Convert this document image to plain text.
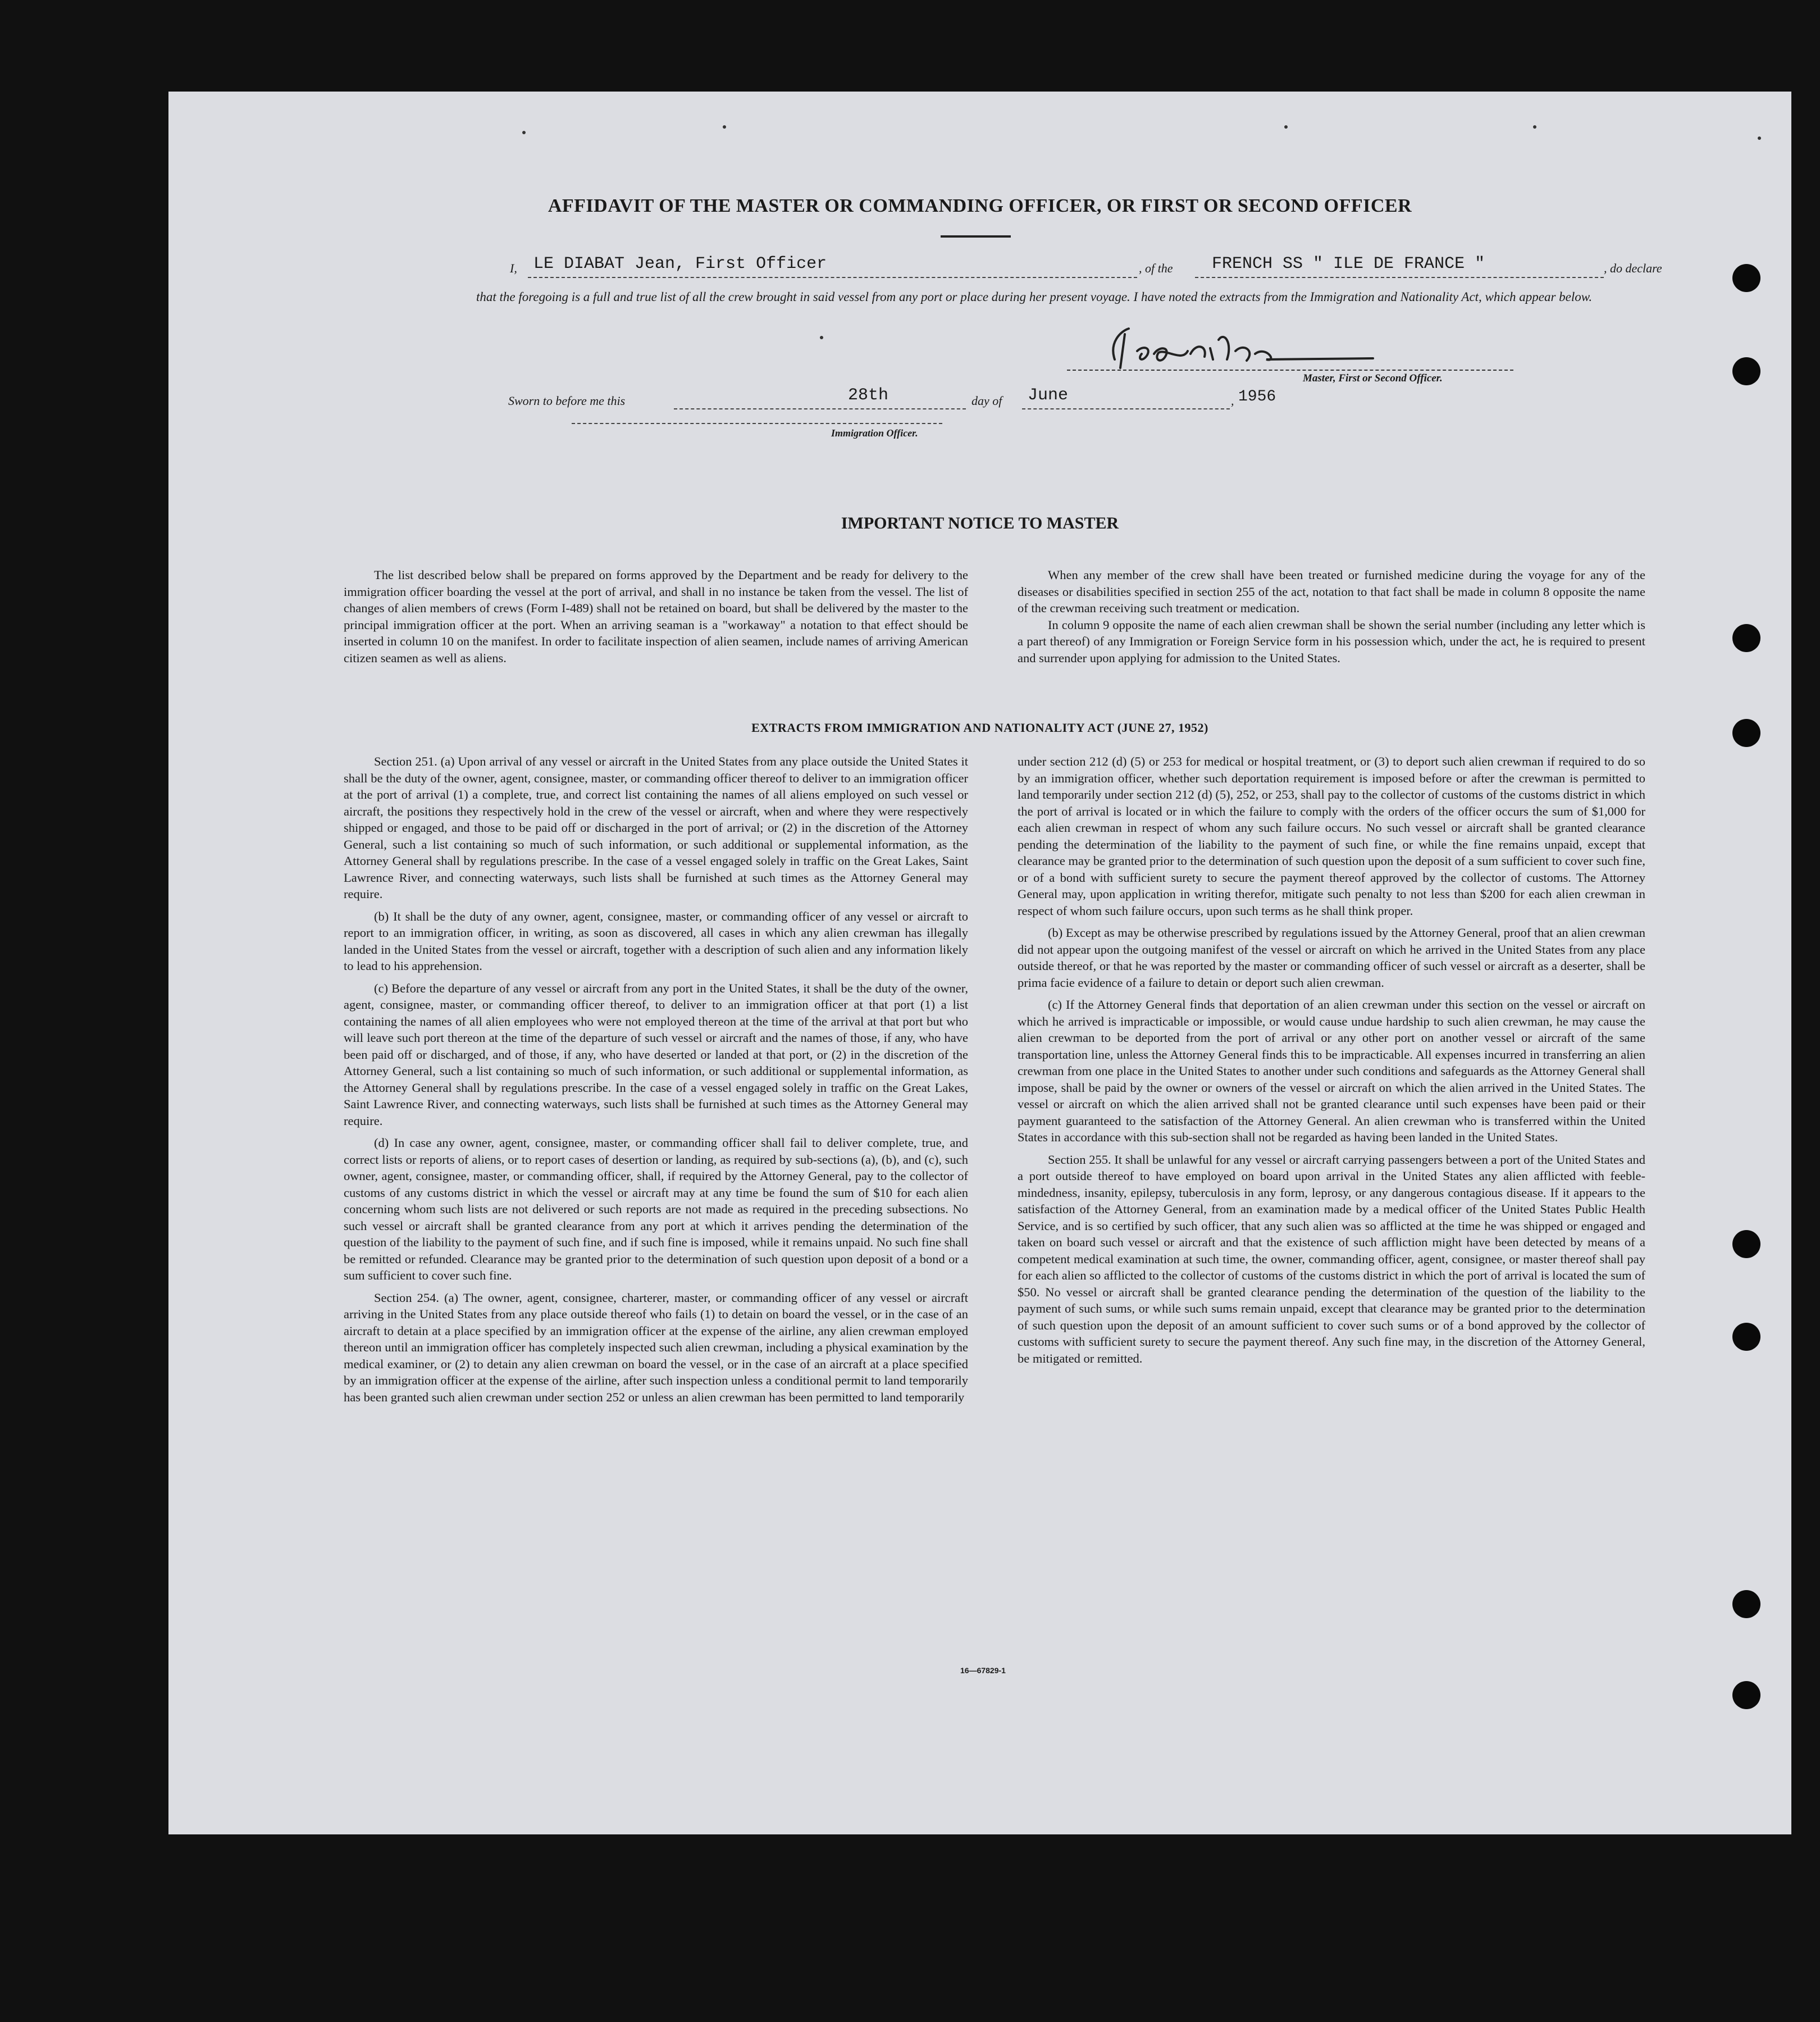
AFFIDAVIT OF THE MASTER OR COMMANDING OFFICER, OR FIRST OR SECOND OFFICER
I, LE DIABAT Jean, First Officer	, of the FRENCH SS " ILE DE FRANCE "	, do declare
that the foregoing is a full and true list of all the crew brought in said vessel from any port or place during her present voyage. I have noted the extracts from the Immigration and Nationality Act, which appear below.
Master, First or Second Officer.
Sworn to before me this	28th	day of June	, 1956
Immigration Officer.
IMPORTANT NOTICE TO MASTER

The list described below shall be prepared on forms approved by the Department and be ready for delivery to the immigration officer boarding the vessel at the port of arrival, and shall in no instance be taken from the vessel. The list of changes of alien members of crews (Form I-489) shall not be retained on board, but shall be delivered by the master to the principal immigration officer at the port. When an arriving seaman is a "workaway" a notation to that effect should be inserted in column 10 on the manifest. In order to facilitate inspection of alien seamen, include names of arriving American citizen seamen as well as aliens.

When any member of the crew shall have been treated or furnished medicine during the voyage for any of the diseases or disabilities specified in section 255 of the act, notation to that fact shall be made in column 8 opposite the name of the crewman receiving such treatment or medication.

In column 9 opposite the name of each alien crewman shall be shown the serial number (including any letter which is a part thereof) of any Immigration or Foreign Service form in his possession which, under the act, he is required to present and surrender upon applying for admission to the United States.

EXTRACTS FROM IMMIGRATION AND NATIONALITY ACT (JUNE 27, 1952)

Section 251. (a) Upon arrival of any vessel or aircraft in the United States from any place outside the United States it shall be the duty of the owner, agent, consignee, master, or commanding officer thereof to deliver to an immigration officer at the port of arrival (1) a complete, true, and correct list containing the names of all aliens employed on such vessel or aircraft, the positions they respectively hold in the crew of the vessel or aircraft, when and where they were respectively shipped or engaged, and those to be paid off or discharged in the port of arrival; or (2) in the discretion of the Attorney General, such a list containing so much of such information, or such additional or supplemental information, as the Attorney General shall by regulations prescribe. In the case of a vessel engaged solely in traffic on the Great Lakes, Saint Lawrence River, and connecting waterways, such lists shall be furnished at such times as the Attorney General may require.

(b) It shall be the duty of any owner, agent, consignee, master, or commanding officer of any vessel or aircraft to report to an immigration officer, in writing, as soon as discovered, all cases in which any alien crewman has illegally landed in the United States from the vessel or aircraft, together with a description of such alien and any information likely to lead to his apprehension.

(c) Before the departure of any vessel or aircraft from any port in the United States, it shall be the duty of the owner, agent, consignee, master, or commanding officer thereof, to deliver to an immigration officer at that port (1) a list containing the names of all alien employees who were not employed thereon at the time of the arrival at that port but who will leave such port thereon at the time of the departure of such vessel or aircraft and the names of those, if any, who have been paid off or discharged, and of those, if any, who have deserted or landed at that port, or (2) in the discretion of the Attorney General, such a list containing so much of such information, or such additional or supplemental information, as the Attorney General shall by regulations prescribe. In the case of a vessel engaged solely in traffic on the Great Lakes, Saint Lawrence River, and connecting waterways, such lists shall be furnished at such times as the Attorney General may require.

(d) In case any owner, agent, consignee, master, or commanding officer shall fail to deliver complete, true, and correct lists or reports of aliens, or to report cases of desertion or landing, as required by sub-sections (a), (b), and (c), such owner, agent, consignee, master, or commanding officer, shall, if required by the Attorney General, pay to the collector of customs of any customs district in which the vessel or aircraft may at any time be found the sum of $10 for each alien concerning whom such lists are not delivered or such reports are not made as required in the preceding subsections. No such vessel or aircraft shall be granted clearance from any port at which it arrives pending the determination of the question of the liability to the payment of such fine, and if such fine is imposed, while it remains unpaid. No such fine shall be remitted or refunded. Clearance may be granted prior to the determination of such question upon deposit of a bond or a sum sufficient to cover such fine.

Section 254. (a) The owner, agent, consignee, charterer, master, or commanding officer of any vessel or aircraft arriving in the United States from any place outside thereof who fails (1) to detain on board the vessel, or in the case of an aircraft to detain at a place specified by an immigration officer at the expense of the airline, any alien crewman employed thereon until an immigration officer has completely inspected such alien crewman, including a physical examination by the medical examiner, or (2) to detain any alien crewman on board the vessel, or in the case of an aircraft at a place specified by an immigration officer at the expense of the airline, after such inspection unless a conditional permit to land temporarily has been granted such alien crewman under section 252 or unless an alien crewman has been permitted to land temporarily

under section 212 (d) (5) or 253 for medical or hospital treatment, or (3) to deport such alien crewman if required to do so by an immigration officer, whether such deportation requirement is imposed before or after the crewman is permitted to land temporarily under section 212 (d) (5), 252, or 253, shall pay to the collector of customs of the customs district in which the port of arrival is located or in which the failure to comply with the orders of the officer occurs the sum of $1,000 for each alien crewman in respect of whom any such failure occurs. No such vessel or aircraft shall be granted clearance pending the determination of the liability to the payment of such fine, or while the fine remains unpaid, except that clearance may be granted prior to the determination of such question upon the deposit of a sum sufficient to cover such fine, or of a bond with sufficient surety to secure the payment thereof approved by the collector of customs. The Attorney General may, upon application in writing therefor, mitigate such penalty to not less than $200 for each alien crewman in respect of whom such failure occurs, upon such terms as he shall think proper.

(b) Except as may be otherwise prescribed by regulations issued by the Attorney General, proof that an alien crewman did not appear upon the outgoing manifest of the vessel or aircraft on which he arrived in the United States from any place outside thereof, or that he was reported by the master or commanding officer of such vessel or aircraft as a deserter, shall be prima facie evidence of a failure to detain or deport such alien crewman.

(c) If the Attorney General finds that deportation of an alien crewman under this section on the vessel or aircraft on which he arrived is impracticable or impossible, or would cause undue hardship to such alien crewman, he may cause the alien crewman to be deported from the port of arrival or any other port on another vessel or aircraft of the same transportation line, unless the Attorney General finds this to be impracticable. All expenses incurred in transferring an alien crewman from one place in the United States to another under such conditions and safeguards as the Attorney General shall impose, shall be paid by the owner or owners of the vessel or aircraft on which the alien arrived in the United States. The vessel or aircraft on which the alien arrived shall not be granted clearance until such expenses have been paid or their payment guaranteed to the satisfaction of the Attorney General. An alien crewman who is transferred within the United States in accordance with this sub-section shall not be regarded as having been landed in the United States.

Section 255. It shall be unlawful for any vessel or aircraft carrying passengers between a port of the United States and a port outside thereof to have employed on board upon arrival in the United States any alien afflicted with feeble-mindedness, insanity, epilepsy, tuberculosis in any form, leprosy, or any dangerous contagious disease. If it appears to the satisfaction of the Attorney General, from an examination made by a medical officer of the United States Public Health Service, and is so certified by such officer, that any such alien was so afflicted at the time he was shipped or engaged and taken on board such vessel or aircraft and that the existence of such affliction might have been detected by means of a competent medical examination at such time, the owner, commanding officer, agent, consignee, or master thereof shall pay for each alien so afflicted to the collector of customs of the customs district in which the port of arrival is located the sum of $50. No vessel or aircraft shall be granted clearance pending the determination of the question of the liability to the payment of such sums, or while such sums remain unpaid, except that clearance may be granted prior to the determination of such question upon the deposit of an amount sufficient to cover such sums or of a bond approved by the collector of customs with sufficient surety to secure the payment thereof. Any such fine may, in the discretion of the Attorney General, be mitigated or remitted.

16—67829-1
